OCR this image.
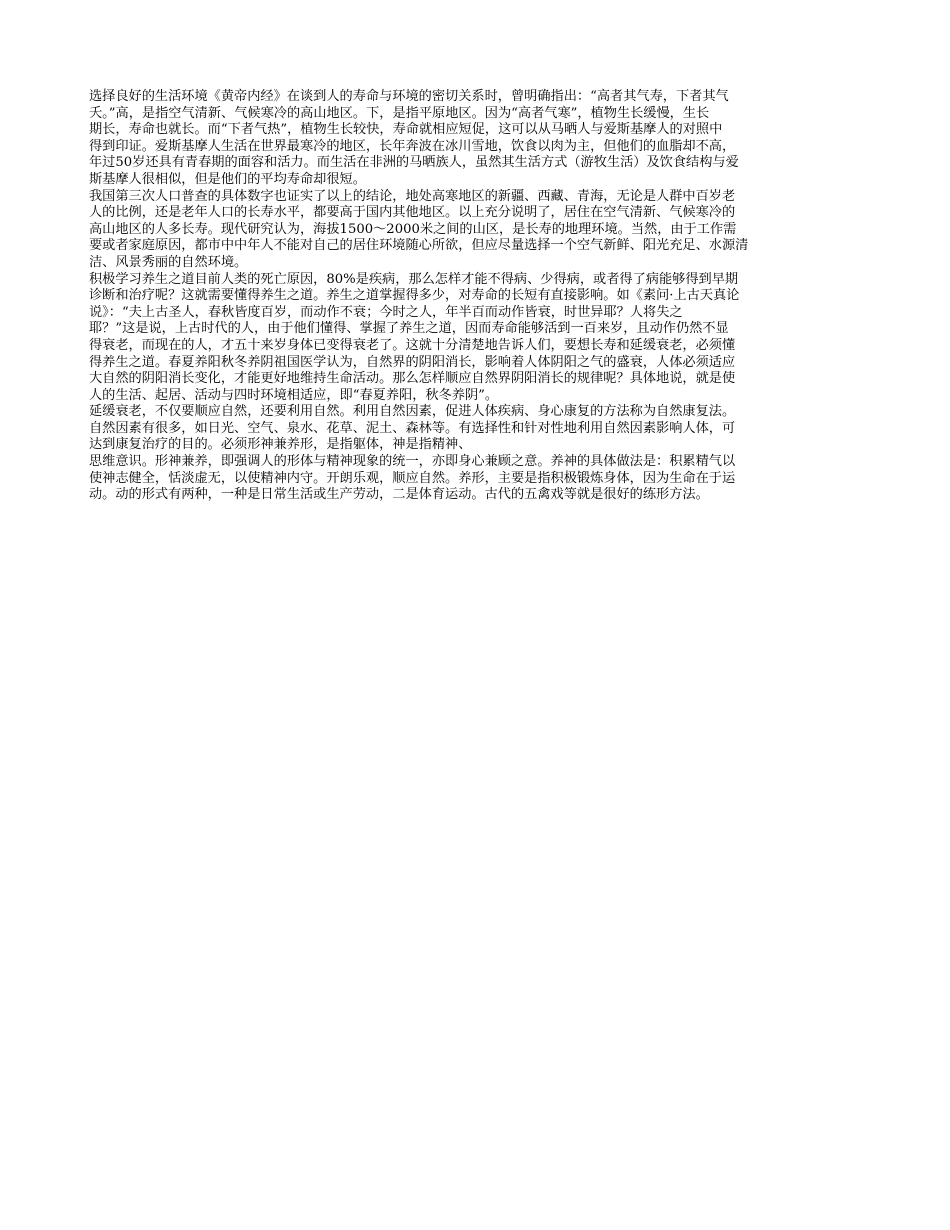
选择良好的生活环境《黄帝内经》在谈到人的寿命与环境的密切关系时，曾明确指出：“高者其气寿，下者其气
夭。”高，是指空气清新、气候寒冷的高山地区。下，是指平原地区。因为“高者气寒”，植物生长缓慢，生长
期长，寿命也就长。而“下者气热”，植物生长较快，寿命就相应短促，这可以从马晒人与爱斯基摩人的对照中
得到印证。爱斯基摩人生活在世界最寒冷的地区，长年奔波在冰川雪地，饮食以肉为主，但他们的血脂却不高，
年过50岁还具有青春期的面容和活力。而生活在非洲的马晒族人，虽然其生活方式（游牧生活）及饮食结构与爱
斯基摩人很相似，但是他们的平均寿命却很短。

我国第三次人口普查的具体数字也证实了以上的结论，地处高寒地区的新疆、西藏、青海，无论是人群中百岁老
人的比例，还是老年人口的长寿水平，都要高于国内其他地区。以上充分说明了，居住在空气清新、气候寒冷的
高山地区的人多长寿。现代研究认为，海拔1500～2000米之间的山区，是长寿的地理环境。当然，由于工作需
要或者家庭原因，都市中中年人不能对自己的居住环境随心所欲，但应尽量选择一个空气新鲜、阳光充足、水源清
洁、风景秀丽的自然环境。

积极学习养生之道目前人类的死亡原因，80%是疾病，那么怎样才能不得病、少得病，或者得了病能够得到早期
诊断和治疗呢？这就需要懂得养生之道。养生之道掌握得多少，对寿命的长短有直接影响。如《素问·上古天真论
说》：“夫上古圣人，春秋皆度百岁，而动作不衰；今时之人，年半百而动作皆衰，时世异耶？人将失之
耶？”这是说，上古时代的人，由于他们懂得、掌握了养生之道，因而寿命能够活到一百来岁，且动作仍然不显
得衰老，而现在的人，才五十来岁身体已变得衰老了。这就十分清楚地告诉人们，要想长寿和延缓衰老，必须懂
得养生之道。春夏养阳秋冬养阴祖国医学认为，自然界的阴阳消长，影响着人体阴阳之气的盛衰，人体必须适应
大自然的阴阳消长变化，才能更好地维持生命活动。那么怎样顺应自然界阴阳消长的规律呢？具体地说，就是使
人的生活、起居、活动与四时环境相适应，即“春夏养阳，秋冬养阴”。

延缓衰老，不仅要顺应自然，还要利用自然。利用自然因素，促进人体疾病、身心康复的方法称为自然康复法。
自然因素有很多，如日光、空气、泉水、花草、泥土、森林等。有选择性和针对性地利用自然因素影响人体，可
达到康复治疗的目的。必须形神兼养形，是指躯体，神是指精神、

思维意识。形神兼养，即强调人的形体与精神现象的统一，亦即身心兼顾之意。养神的具体做法是：积累精气以
使神志健全，恬淡虚无，以使精神内守。开朗乐观，顺应自然。养形，主要是指积极锻炼身体，因为生命在于运
动。动的形式有两种，一种是日常生活或生产劳动，二是体育运动。古代的五禽戏等就是很好的练形方法。
